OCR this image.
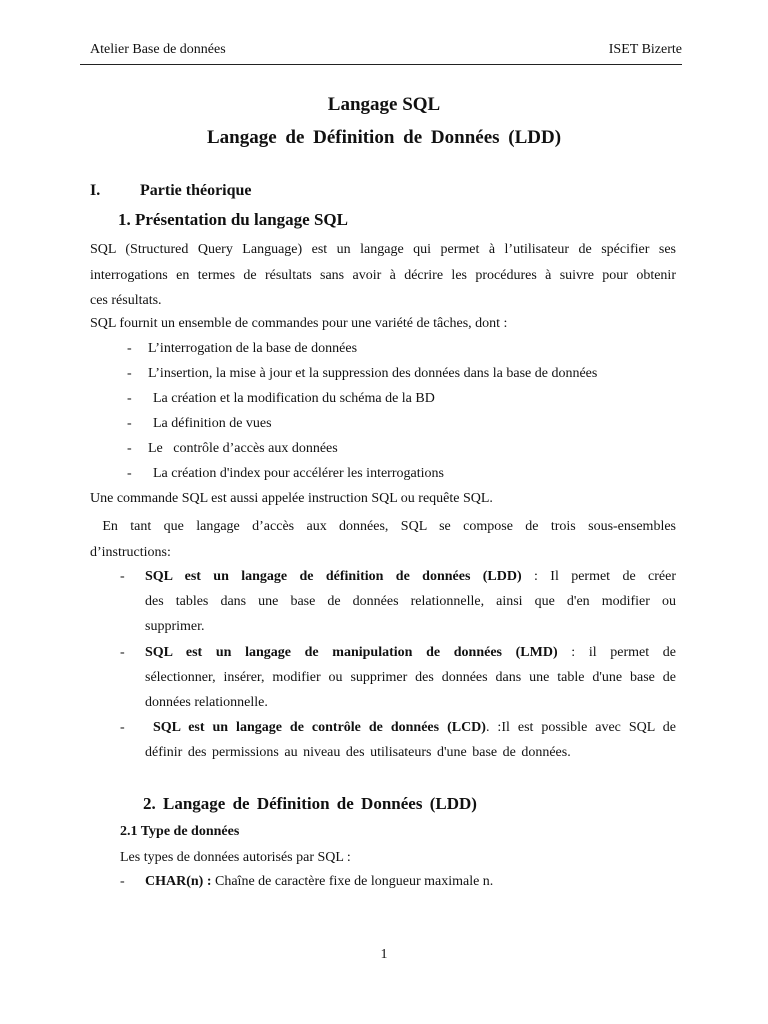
Atelier Base de données	ISET Bizerte
Langage SQL
Langage de Définition de Données (LDD)
I. Partie théorique
1. Présentation du langage SQL
SQL (Structured Query Language) est un langage qui permet à l’utilisateur de spécifier ses
interrogations en termes de résultats sans avoir à décrire les procédures à suivre pour obtenir
ces résultats.
SQL fournit un ensemble de commandes pour une variété de tâches, dont :
- L’interrogation de la base de données
- L’insertion, la mise à jour et la suppression des données dans la base de données
- La création et la modification du schéma de la BD
- La définition de vues
- Le   contrôle d’accès aux données
- La création d'index pour accélérer les interrogations
Une commande SQL est aussi appelée instruction SQL ou requête SQL.
En tant que langage d’accès aux données, SQL se compose de trois sous-ensembles
d’instructions:
- SQL est un langage de définition de données (LDD) : Il permet de créer
des tables dans une base de données relationnelle, ainsi que d'en modifier ou
supprimer.
- SQL est un langage de manipulation de données (LMD) : il permet de
sélectionner, insérer, modifier ou supprimer des données dans une table d'une base de
données relationnelle.
- SQL est un langage de contrôle de données (LCD). :Il est possible avec SQL de
définir des permissions au niveau des utilisateurs d'une base de données.
2. Langage de Définition de Données (LDD)
2.1 Type de données
Les types de données autorisés par SQL :
- CHAR(n) : Chaîne de caractère fixe de longueur maximale n.
1
